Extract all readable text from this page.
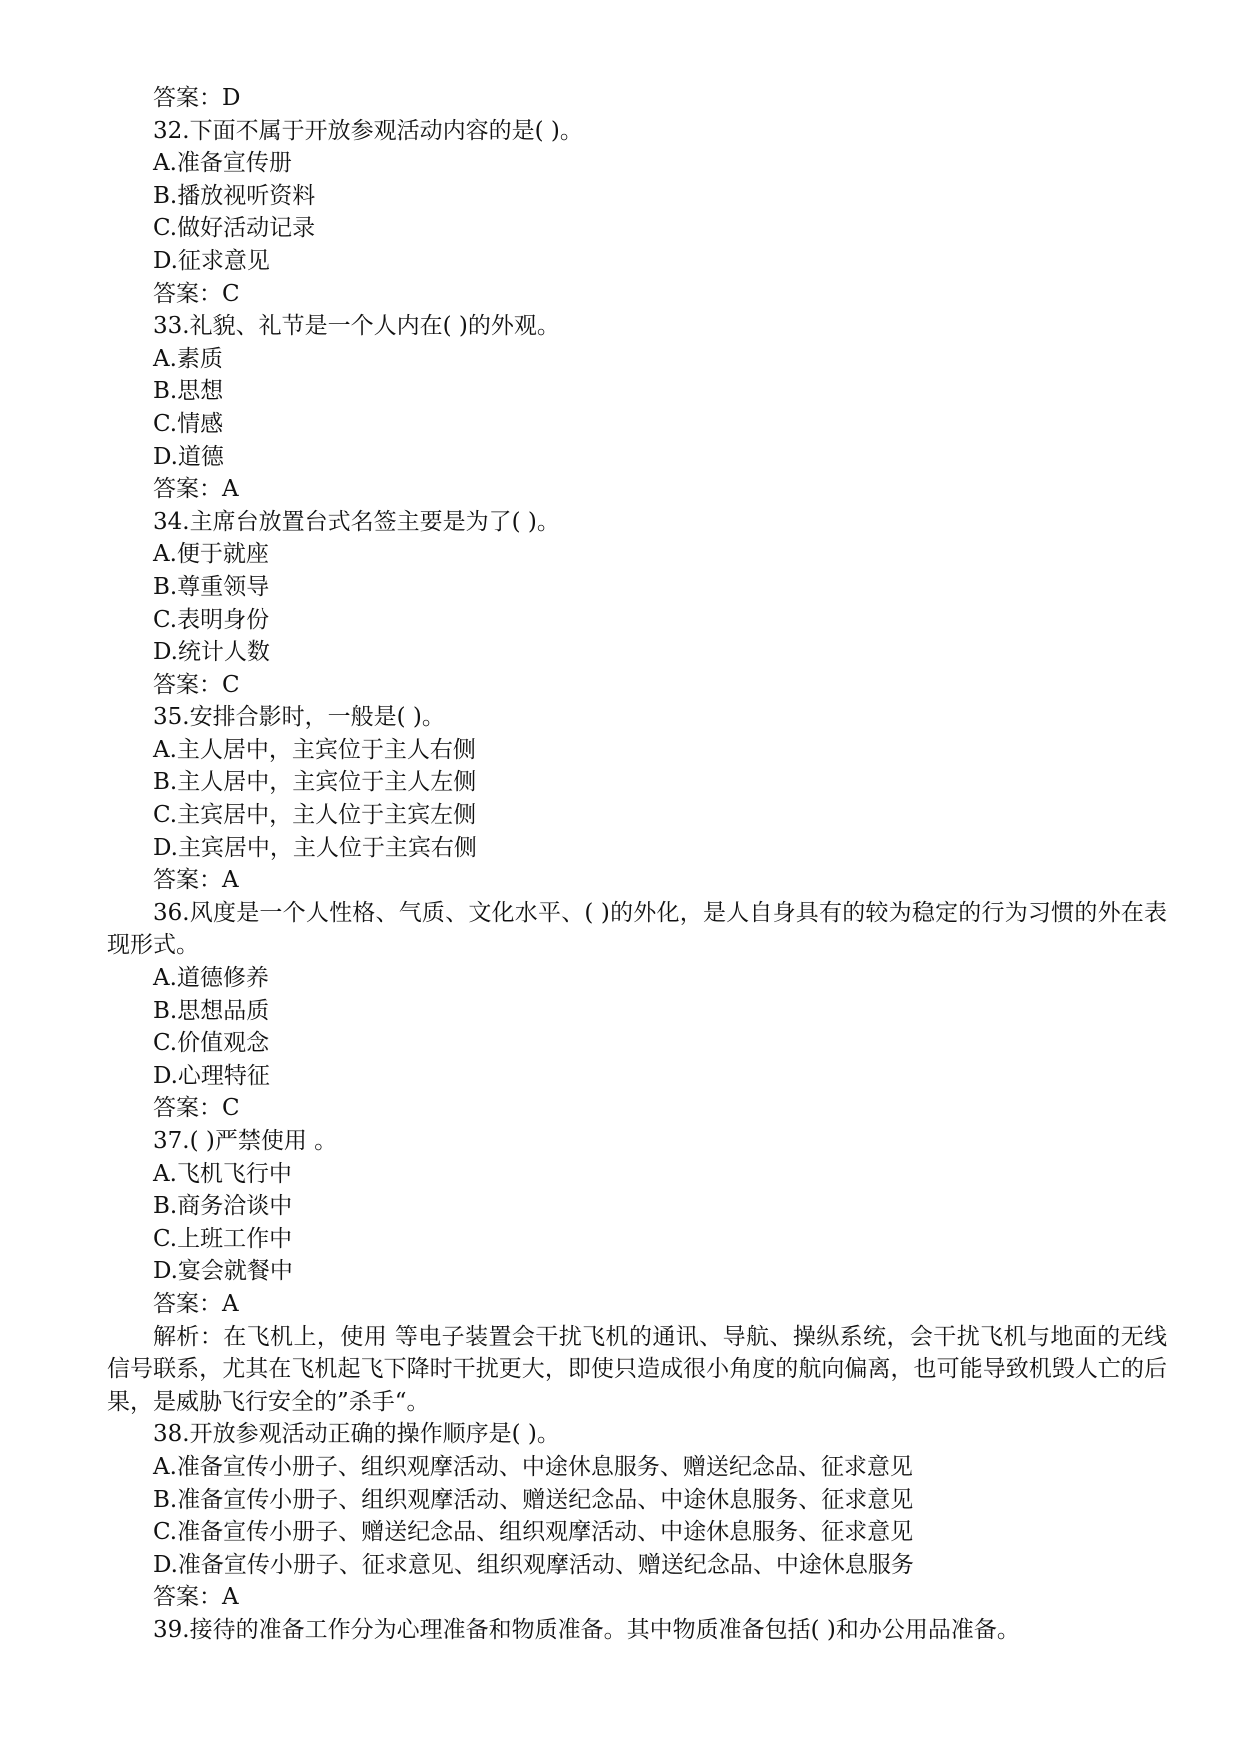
答案：D
32.下面不属于开放参观活动内容的是( )。
A.准备宣传册
B.播放视听资料
C.做好活动记录
D.征求意见
答案：C
33.礼貌、礼节是一个人内在( )的外观。
A.素质
B.思想
C.情感
D.道德
答案：A
34.主席台放置台式名签主要是为了( )。
A.便于就座
B.尊重领导
C.表明身份
D.统计人数
答案：C
35.安排合影时，一般是( )。
A.主人居中，主宾位于主人右侧
B.主人居中，主宾位于主人左侧
C.主宾居中，主人位于主宾左侧
D.主宾居中，主人位于主宾右侧
答案：A
36.风度是一个人性格、气质、文化水平、( )的外化，是人自身具有的较为稳定的行为习惯的外在表现形式。
A.道德修养
B.思想品质
C.价值观念
D.心理特征
答案：C
37.( )严禁使用 。
A.飞机飞行中
B.商务洽谈中
C.上班工作中
D.宴会就餐中
答案：A
解析：在飞机上，使用 等电子装置会干扰飞机的通讯、导航、操纵系统，会干扰飞机与地面的无线信号联系，尤其在飞机起飞下降时干扰更大，即使只造成很小角度的航向偏离，也可能导致机毁人亡的后果，是威胁飞行安全的”杀手“。
38.开放参观活动正确的操作顺序是( )。
A.准备宣传小册子、组织观摩活动、中途休息服务、赠送纪念品、征求意见
B.准备宣传小册子、组织观摩活动、赠送纪念品、中途休息服务、征求意见
C.准备宣传小册子、赠送纪念品、组织观摩活动、中途休息服务、征求意见
D.准备宣传小册子、征求意见、组织观摩活动、赠送纪念品、中途休息服务
答案：A
39.接待的准备工作分为心理准备和物质准备。其中物质准备包括( )和办公用品准备。
